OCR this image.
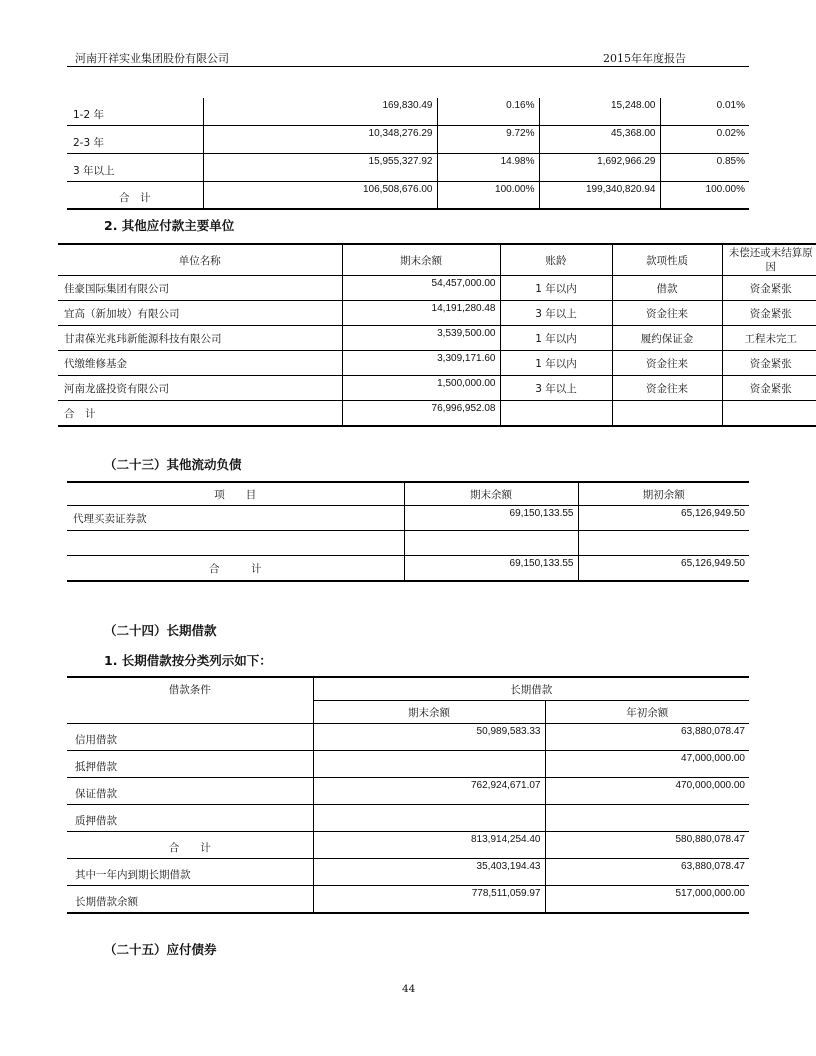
河南开祥实业集团股份有限公司	2015年年度报告
1-2 年	169,830.49	0.16%	15,248.00	0.01%
2-3 年	10,348,276.29	9.72%	45,368.00	0.02%
3 年以上	15,955,327.92	14.98%	1,692,966.29	0.85%
合　计	106,508,676.00	100.00%	199,340,820.94	100.00%
2. 其他应付款主要单位
单位名称	期末余额	账龄	款项性质	未偿还或未结算原因
佳豪国际集团有限公司	54,457,000.00	1 年以内	借款	资金紧张
宜高（新加坡）有限公司	14,191,280.48	3 年以上	资金往来	资金紧张
甘肃葆光兆玮新能源科技有限公司	3,539,500.00	1 年以内	履约保证金	工程未完工
代缴维修基金	3,309,171.60	1 年以内	资金往来	资金紧张
河南龙盛投资有限公司	1,500,000.00	3 年以上	资金往来	资金紧张
合　计	76,996,952.08			
（二十三）其他流动负债
项　　目	期末余额	期初余额
代理买卖证券款	69,150,133.55	65,126,949.50

合　　　计	69,150,133.55	65,126,949.50
（二十四）长期借款
1. 长期借款按分类列示如下：
借款条件	长期借款	
	期末余额	年初余额
信用借款	50,989,583.33	63,880,078.47
抵押借款		47,000,000.00
保证借款	762,924,671.07	470,000,000.00
质押借款		
合　　计	813,914,254.40	580,880,078.47
其中一年内到期长期借款	35,403,194.43	63,880,078.47
长期借款余额	778,511,059.97	517,000,000.00
（二十五）应付债券
44
